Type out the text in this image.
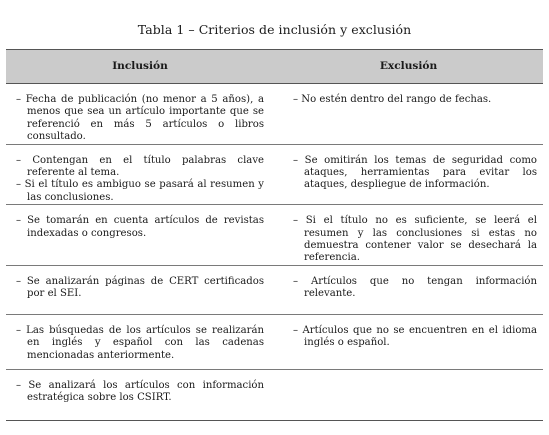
Tabla 1 – Criterios de inclusión y exclusión
Inclusión	Exclusión

– Fecha de publicación (no menor a 5 años), a menos que sea un artículo importante que se referenció en más 5 artículos o libros consultado.	– No estén dentro del rango de fechas.

– Contengan en el título palabras clave referente al tema.
– Si el título es ambiguo se pasará al resumen y las conclusiones.	– Se omitirán los temas de seguridad como ataques, herramientas para evitar los ataques, despliegue de información.

– Se tomarán en cuenta artículos de revistas indexadas o congresos.	– Si el título no es suficiente, se leerá el resumen y las conclusiones si estas no demuestra contener valor se desechará la referencia.

– Se analizarán páginas de CERT certificados por el SEI.	– Artículos que no tengan información relevante.

– Las búsquedas de los artículos se realizarán en inglés y español con las cadenas mencionadas anteriormente.	– Artículos que no se encuentren en el idioma inglés o español.

– Se analizará los artículos con información estratégica sobre los CSIRT.
